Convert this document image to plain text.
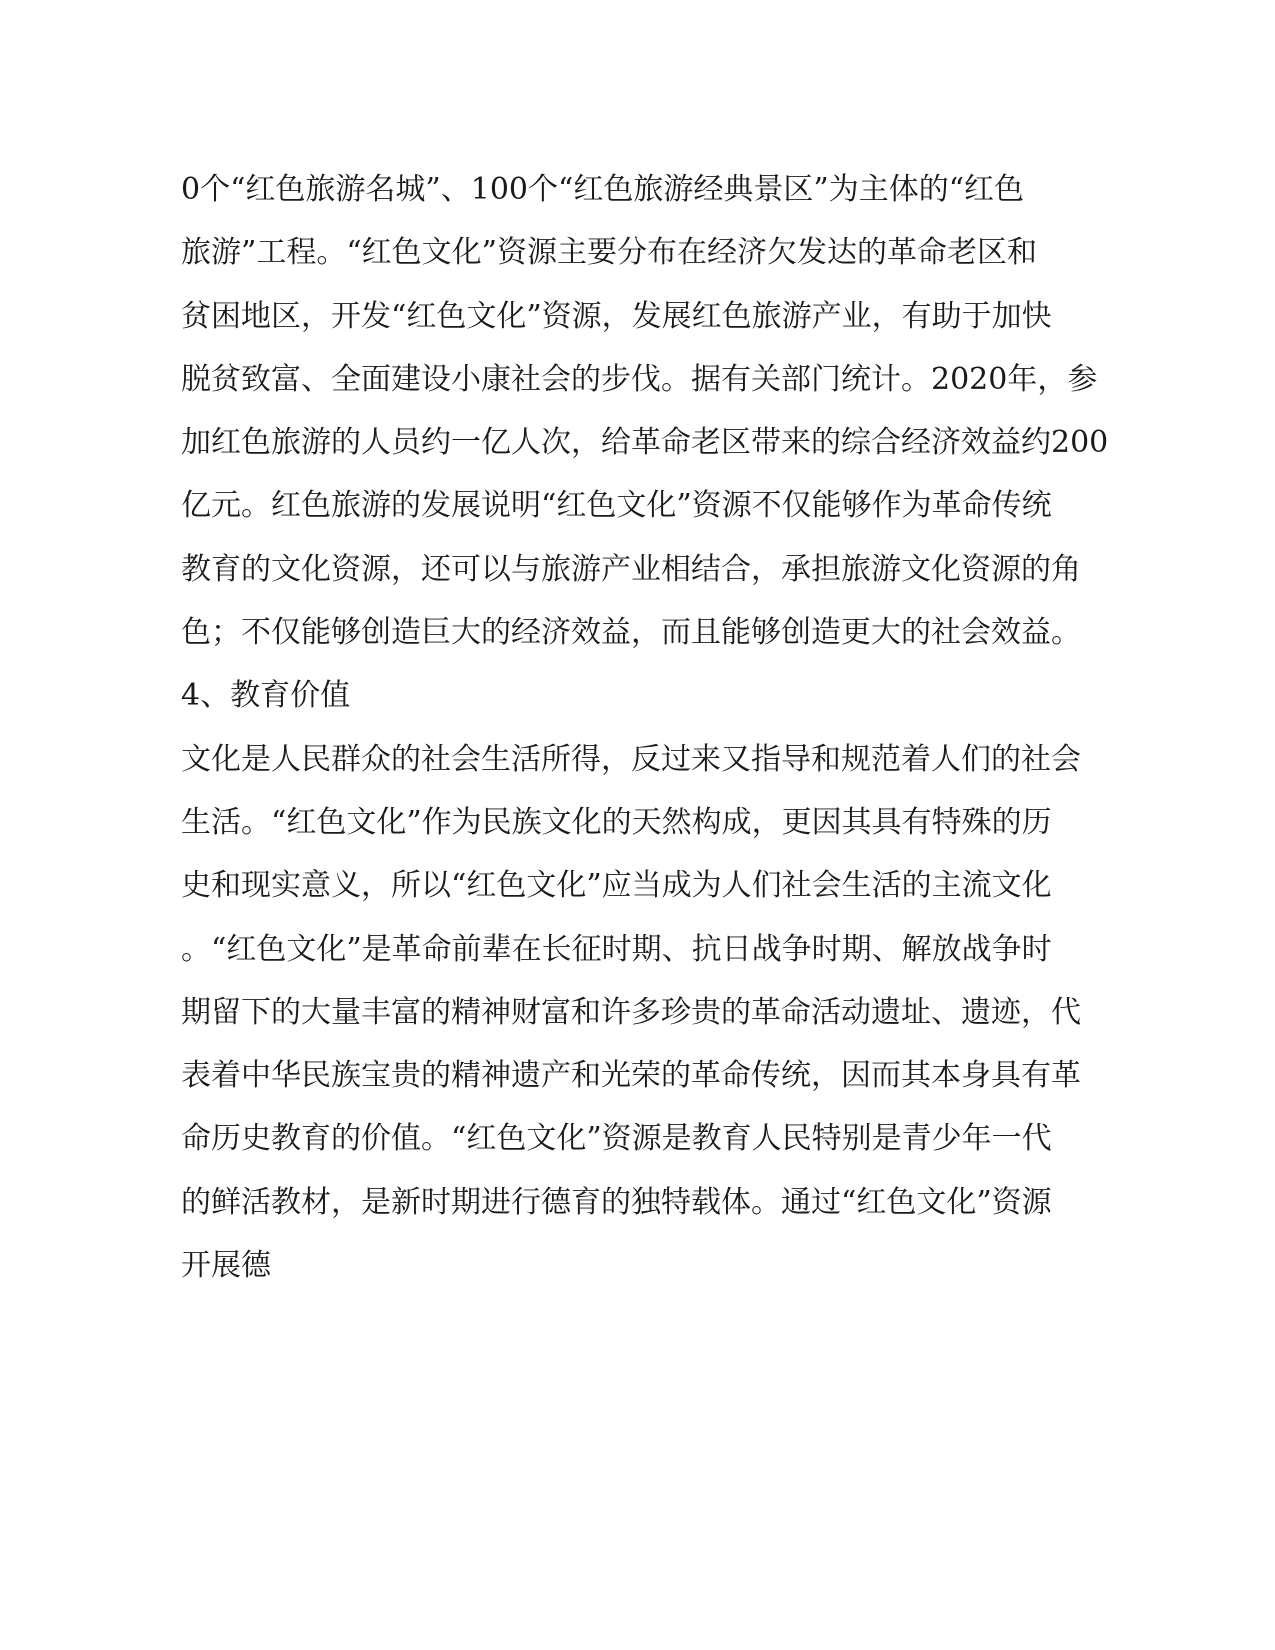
0个“红色旅游名城”、100个“红色旅游经典景区”为主体的“红色
旅游”工程。“红色文化”资源主要分布在经济欠发达的革命老区和
贫困地区，开发“红色文化”资源，发展红色旅游产业，有助于加快
脱贫致富、全面建设小康社会的步伐。据有关部门统计。2020年，参
加红色旅游的人员约一亿人次，给革命老区带来的综合经济效益约200
亿元。红色旅游的发展说明“红色文化”资源不仅能够作为革命传统
教育的文化资源，还可以与旅游产业相结合，承担旅游文化资源的角
色；不仅能够创造巨大的经济效益，而且能够创造更大的社会效益。
4、教育价值
文化是人民群众的社会生活所得，反过来又指导和规范着人们的社会
生活。“红色文化”作为民族文化的天然构成，更因其具有特殊的历
史和现实意义，所以“红色文化”应当成为人们社会生活的主流文化
。“红色文化”是革命前辈在长征时期、抗日战争时期、解放战争时
期留下的大量丰富的精神财富和许多珍贵的革命活动遗址、遗迹，代
表着中华民族宝贵的精神遗产和光荣的革命传统，因而其本身具有革
命历史教育的价值。“红色文化”资源是教育人民特别是青少年一代
的鲜活教材，是新时期进行德育的独特载体。通过“红色文化”资源
开展德
